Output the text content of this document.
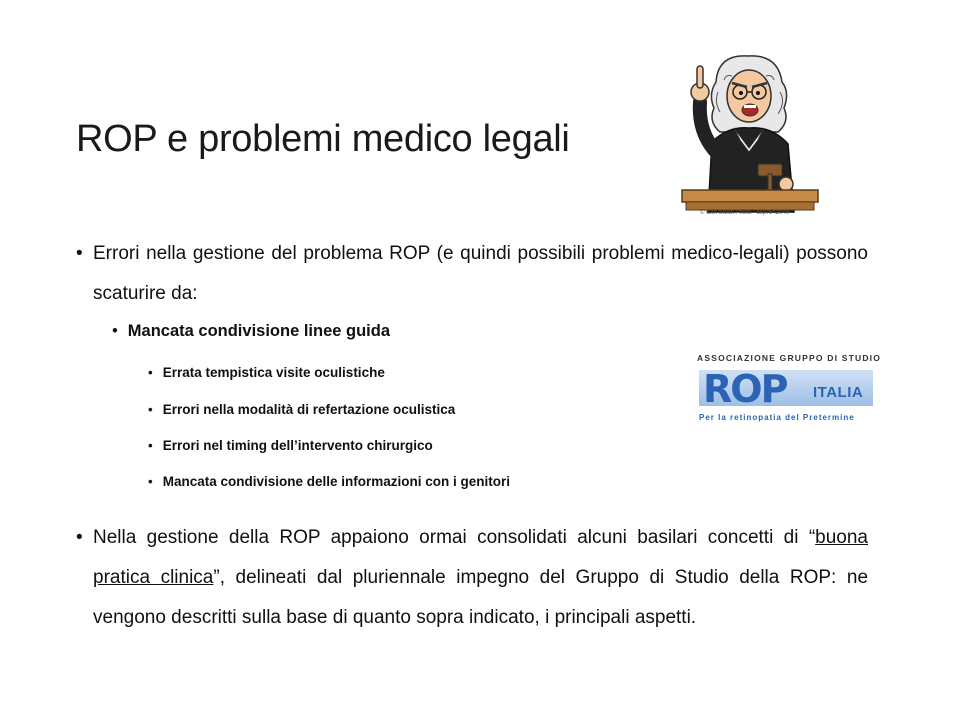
ROP e problemi medico legali
© Can Stock Photo - csp7542049
ASSOCIAZIONE GRUPPO DI STUDIO
ROP ITALIA
Per la retinopatia del Pretermine
• Errori nella gestione del problema ROP (e quindi possibili problemi medico-legali) possono scaturire da:
• Mancata condivisione linee guida
• Errata tempistica visite oculistiche
• Errori nella modalità di refertazione oculistica
• Errori nel timing dell’intervento chirurgico
• Mancata condivisione delle informazioni con i genitori
• Nella gestione della ROP appaiono ormai consolidati alcuni basilari concetti di “buona pratica clinica”, delineati dal pluriennale impegno del Gruppo di Studio della ROP: ne vengono descritti sulla base di quanto sopra indicato, i principali aspetti.
